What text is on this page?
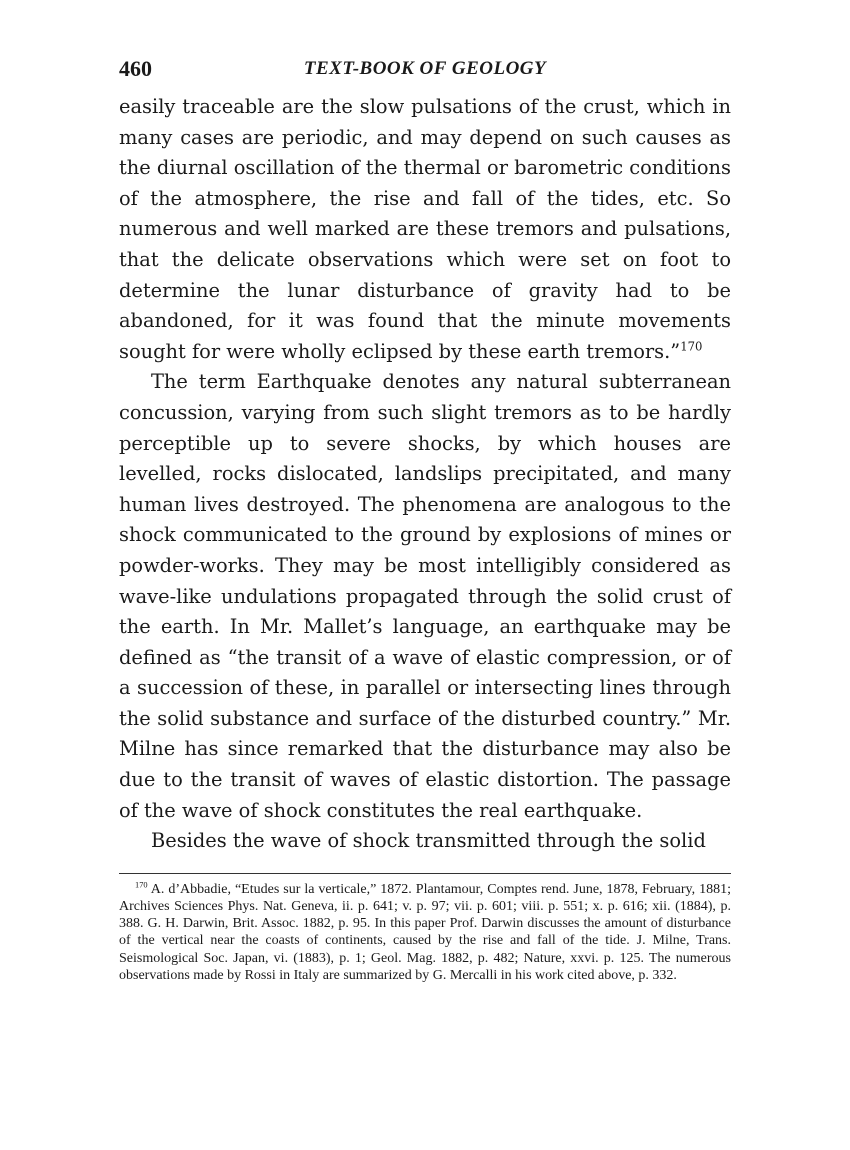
460	TEXT-BOOK OF GEOLOGY

easily traceable are the slow pulsations of the crust, which in many cases are periodic, and may depend on such causes as the diurnal oscillation of the thermal or barometric conditions of the atmosphere, the rise and fall of the tides, etc. So numerous and well marked are these tremors and pulsations, that the delicate observations which were set on foot to determine the lunar disturbance of gravity had to be abandoned, for it was found that the minute movements sought for were wholly eclipsed by these earth tremors.”$^{170}$

The term Earthquake denotes any natural subterranean concussion, varying from such slight tremors as to be hardly perceptible up to severe shocks, by which houses are levelled, rocks dislocated, landslips precipitated, and many human lives destroyed. The phenomena are analogous to the shock communicated to the ground by explosions of mines or powder-works. They may be most intelligibly considered as wave-like undulations propagated through the solid crust of the earth. In Mr. Mallet’s language, an earthquake may be defined as “the transit of a wave of elastic compression, or of a succession of these, in parallel or intersecting lines through the solid substance and surface of the disturbed country.” Mr. Milne has since remarked that the disturbance may also be due to the transit of waves of elastic distortion. The passage of the wave of shock constitutes the real earthquake.

Besides the wave of shock transmitted through the solid

$^{170}$ A. d’Abbadie, “Etudes sur la verticale,” 1872. Plantamour, Comptes rend. June, 1878, February, 1881; Archives Sciences Phys. Nat. Geneva, ii. p. 641; v. p. 97; vii. p. 601; viii. p. 551; x. p. 616; xii. (1884), p. 388. G. H. Darwin, Brit. Assoc. 1882, p. 95. In this paper Prof. Darwin discusses the amount of disturbance of the vertical near the coasts of continents, caused by the rise and fall of the tide. J. Milne, Trans. Seismological Soc. Japan, vi. (1883), p. 1; Geol. Mag. 1882, p. 482; Nature, xxvi. p. 125. The numerous observations made by Rossi in Italy are summarized by G. Mercalli in his work cited above, p. 332.
